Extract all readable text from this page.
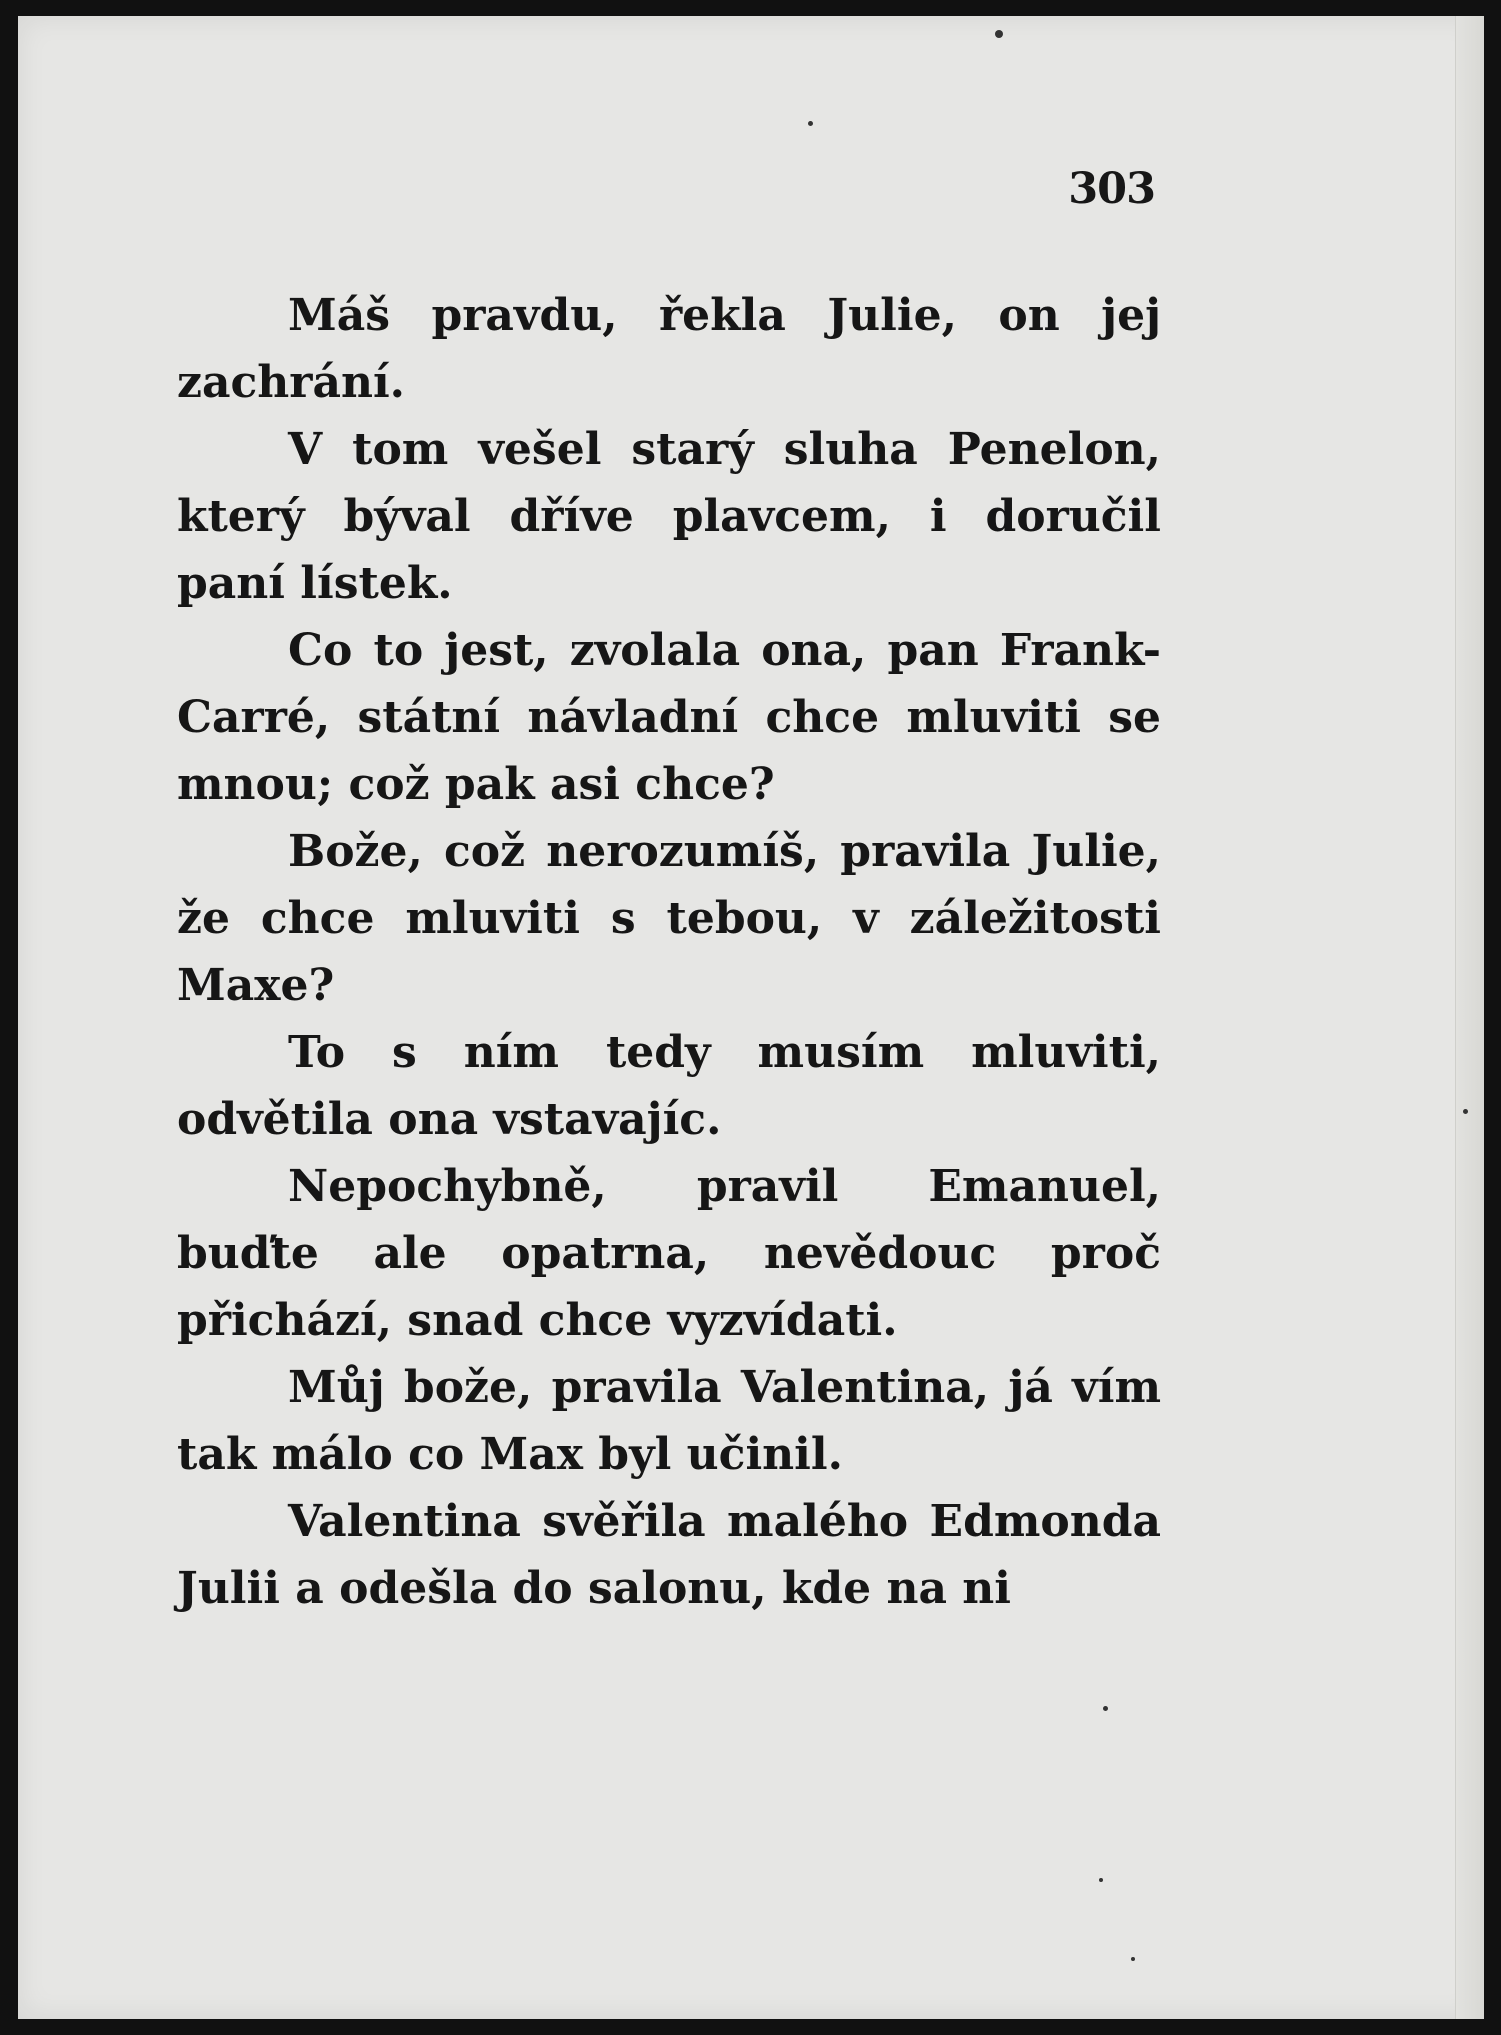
303

Máš pravdu, řekla Julie, on jej zachrání.

V tom vešel starý sluha Penelon, který býval dříve plavcem, i doručil paní lístek.

Co to jest, zvolala ona, pan Frank-Carré, státní návladní chce mluviti se mnou; což pak asi chce?

Bože, což nerozumíš, pravila Julie, že chce mluviti s tebou, v záležitosti Maxe?

To s ním tedy musím mluviti, odvětila ona vstavajíc.

Nepochybně, pravil Emanuel, buďte ale opatrna, nevědouc proč přichází, snad chce vyzvídati.

Můj bože, pravila Valentina, já vím tak málo co Max byl učinil.

Valentina svěřila malého Edmonda Julii a odešla do salonu, kde na ni
